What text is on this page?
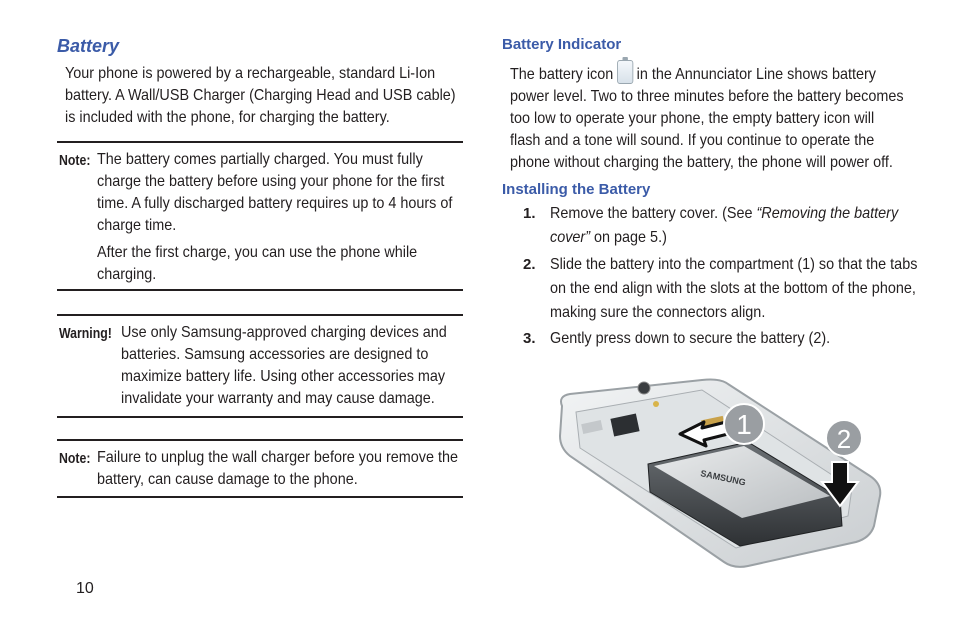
Battery

Your phone is powered by a rechargeable, standard Li-Ion battery. A Wall/USB Charger (Charging Head and USB cable) is included with the phone, for charging the battery.

Note: The battery comes partially charged. You must fully charge the battery before using your phone for the first time. A fully discharged battery requires up to 4 hours of charge time.

After the first charge, you can use the phone while charging.

Warning! Use only Samsung-approved charging devices and batteries. Samsung accessories are designed to maximize battery life. Using other accessories may invalidate your warranty and may cause damage.

Note: Failure to unplug the wall charger before you remove the battery, can cause damage to the phone.

Battery Indicator

The battery icon in the Annunciator Line shows battery power level. Two to three minutes before the battery becomes too low to operate your phone, the empty battery icon will flash and a tone will sound. If you continue to operate the phone without charging the battery, the phone will power off.

Installing the Battery
1. Remove the battery cover. (See “Removing the battery cover” on page 5.)
2. Slide the battery into the compartment (1) so that the tabs on the end align with the slots at the bottom of the phone, making sure the connectors align.
3. Gently press down to secure the battery (2).
SAMSUNG
1	2
10
